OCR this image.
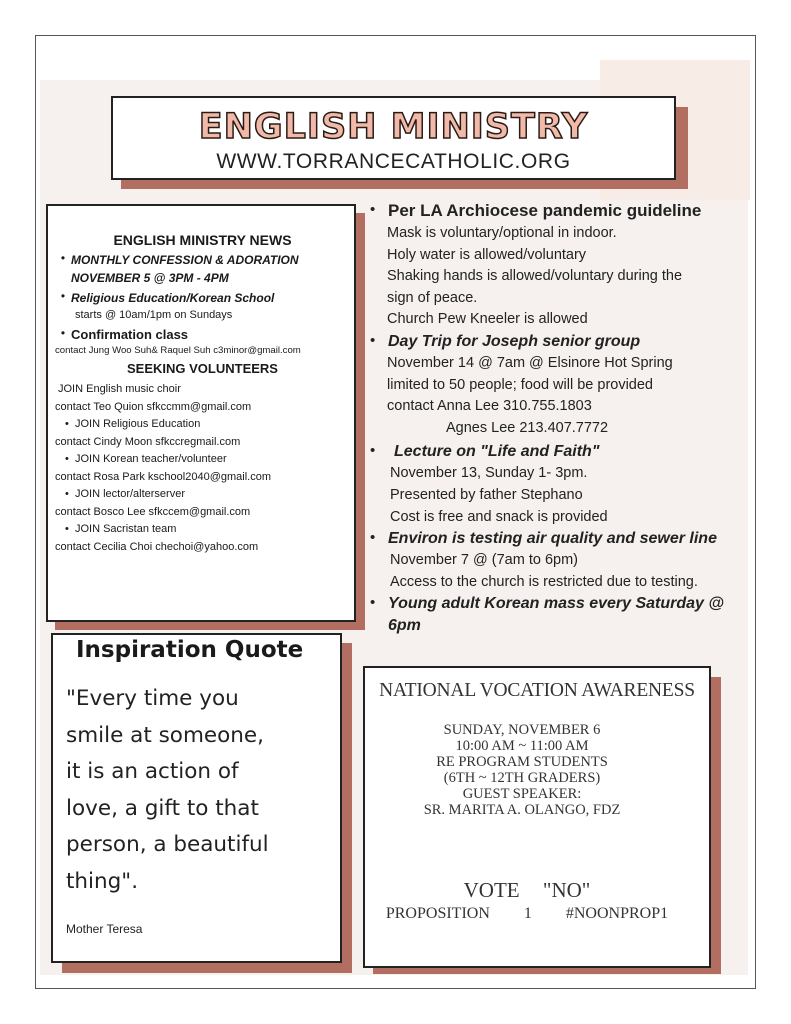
ENGLISH MINISTRY
WWW.TORRANCECATHOLIC.ORG
ENGLISH MINISTRY NEWS
• MONTHLY CONFESSION & ADORATION
NOVEMBER 5 @ 3PM - 4PM
• Religious Education/Korean School
starts @ 10am/1pm on Sundays
• Confirmation class
contact Jung Woo Suh& Raquel Suh c3minor@gmail.com
SEEKING VOLUNTEERS
JOIN English music choir
contact Teo Quion sfkccmm@gmail.com
•  JOIN Religious Education
contact Cindy Moon sfkccregmail.com
•  JOIN Korean teacher/volunteer
contact Rosa Park kschool2040@gmail.com
•  JOIN lector/alterserver
contact Bosco Lee sfkccem@gmail.com
•  JOIN Sacristan team
contact Cecilia Choi chechoi@yahoo.com
Inspiration Quote
"Every time you
smile at someone,
it is an action of
love, a gift to that
person, a beautiful
thing".
Mother Teresa
• Per LA Archiocese pandemic guideline
Mask is voluntary/optional in indoor.
Holy water is allowed/voluntary
Shaking hands is allowed/voluntary during the
sign of peace.
Church Pew Kneeler is allowed
• Day Trip for Joseph senior group
November 14 @ 7am @ Elsinore Hot Spring
limited to 50 people; food will be provided
contact Anna Lee 310.755.1803
Agnes Lee 213.407.7772
•	Lecture on "Life and Faith"
November 13, Sunday 1- 3pm.
Presented by father Stephano
Cost is free and snack is provided
• Environ is testing air quality and sewer line
November 7 @ (7am to 6pm)
Access to the church is restricted due to testing.
• Young adult Korean mass every Saturday @
6pm
NATIONAL VOCATION AWARENESS
SUNDAY, NOVEMBER 6
10:00 AM ~ 11:00 AM
RE PROGRAM STUDENTS
(6TH ~ 12TH GRADERS)
GUEST SPEAKER:
SR. MARITA A. OLANGO, FDZ
VOTE "NO"
PROPOSITION 1 #NOONPROP1
